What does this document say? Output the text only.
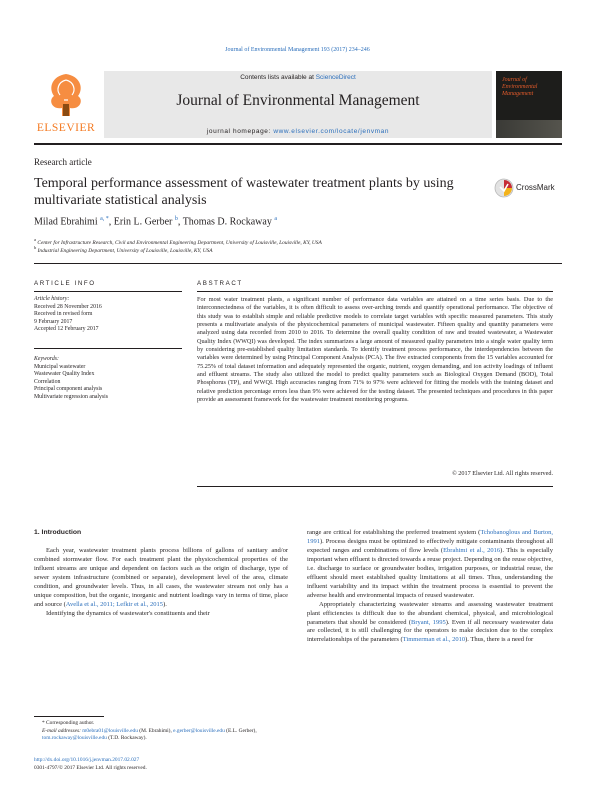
Journal of Environmental Management 193 (2017) 234–246
ELSEVIER
Contents lists available at ScienceDirect
Journal of Environmental Management
journal homepage: www.elsevier.com/locate/jenvman
Journal of Environmental Management
Research article
Temporal performance assessment of wastewater treatment plants by using multivariate statistical analysis
CrossMark
Milad Ebrahimi $^{a, *}$, Erin L. Gerber $^b$, Thomas D. Rockaway $^a$
$^a$ Center for Infrastructure Research, Civil and Environmental Engineering Department, University of Louisville, Louisville, KY, USA
$^b$ Industrial Engineering Department, University of Louisville, Louisville, KY, USA
ARTICLE INFO	ABSTRACT
Article history:
Received 28 November 2016
Received in revised form
9 February 2017
Accepted 12 February 2017
Keywords:
Municipal wastewater
Wastewater Quality Index
Correlation
Principal component analysis
Multivariate regression analysis
For most water treatment plants, a significant number of performance data variables are attained on a time series basis. Due to the interconnectedness of the variables, it is often difficult to assess over-arching trends and quantify operational performance. The objective of this study was to establish simple and reliable predictive models to correlate target variables with specific measured parameters. This study presents a multivariate analysis of the physicochemical parameters of municipal wastewater. Fifteen quality and quantity parameters were analyzed using data recorded from 2010 to 2016. To determine the overall quality condition of raw and treated wastewater, a Wastewater Quality Index (WWQI) was developed. The index summarizes a large amount of measured quality parameters into a single water quality term by considering pre-established quality limitation standards. To identify treatment process performance, the interdependencies between the variables were determined by using Principal Component Analysis (PCA). The five extracted components from the 15 variables accounted for 75.25% of total dataset information and adequately represented the organic, nutrient, oxygen demanding, and ion activity loadings of influent and effluent streams. The study also utilized the model to predict quality parameters such as Biological Oxygen Demand (BOD), Total Phosphorus (TP), and WWQI. High accuracies ranging from 71% to 97% were achieved for fitting the models with the training dataset and relative prediction percentage errors less than 9% were achieved for the testing dataset. The presented techniques and procedures in this paper provide an assessment framework for the wastewater treatment monitoring programs.
© 2017 Elsevier Ltd. All rights reserved.
1. Introduction

Each year, wastewater treatment plants process billions of gallons of sanitary and/or combined stormwater flow. For each treatment plant the physicochemical properties of the influent streams are unique and dependent on factors such as the origin of discharge, type of sewer system infrastructure (combined or separate), development level of the area, climate condition, and groundwater levels. Thus, in all cases, the wastewater stream not only has a unique composition, but the organic, inorganic and nutrient loadings vary in terms of time, place and source (Avella et al., 2011; Lefkir et al., 2015).

Identifying the dynamics of wastewater's constituents and their

range are critical for establishing the preferred treatment system (Tchobanoglous and Burton, 1991). Process designs must be optimized to effectively mitigate contaminants throughout all expected ranges and combinations of flow levels (Ebrahimi et al., 2016). This is especially important when effluent is directed towards a reuse project. Depending on the reuse objective, i.e. discharge to surface or groundwater bodies, irrigation purposes, or industrial reuse, the effluent should meet established quality limitations at all times. Thus, understanding the influent variability and its impact within the treatment process is essential to prevent the adverse health and environmental impacts of reused wastewater.

Appropriately characterizing wastewater streams and assessing wastewater treatment plant efficiencies is difficult due to the abundant chemical, physical, and microbiological parameters that should be considered (Bryant, 1995). Even if all necessary wastewater data are collected, it is still challenging for the operators to make decision due to the complex interrelationships of the parameters (Timmerman et al., 2010). Thus, there is a need for

* Corresponding author.
E-mail addresses: m0ebra01@louisville.edu (M. Ebrahimi), e.gerber@louisville.edu (E.L. Gerber), tom.rockaway@louisville.edu (T.D. Rockaway).
http://dx.doi.org/10.1016/j.jenvman.2017.02.027
0301-4797/© 2017 Elsevier Ltd. All rights reserved.
